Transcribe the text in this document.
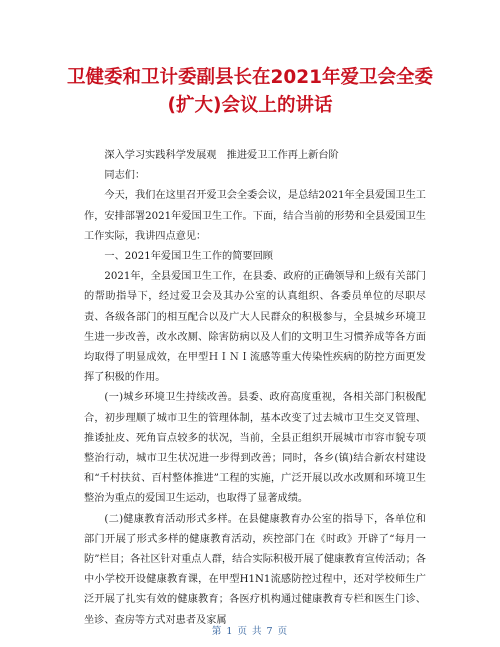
卫健委和卫计委副县长在2021年爱卫会全委(扩大)会议上的讲话

深入学习实践科学发展观　推进爱卫工作再上新台阶

同志们：

今天，我们在这里召开爱卫会全委会议，是总结2021年全县爱国卫生工作，安排部署2021年爱国卫生工作。下面，结合当前的形势和全县爱国卫生工作实际，我讲四点意见：

一、2021年爱国卫生工作的简要回顾

2021年，全县爱国卫生工作，在县委、政府的正确领导和上级有关部门的帮助指导下，经过爱卫会及其办公室的认真组织、各委员单位的尽职尽责、各级各部门的相互配合以及广大人民群众的积极参与，全县城乡环境卫生进一步改善，改水改厕、除害防病以及人们的文明卫生习惯养成等各方面均取得了明显成效，在甲型ＨＩＮＩ流感等重大传染性疾病的防控方面更发挥了积极的作用。

(一)城乡环境卫生持续改善。县委、政府高度重视，各相关部门积极配合，初步理顺了城市卫生的管理体制，基本改变了过去城市卫生交叉管理、推诿扯皮、死角盲点较多的状况，当前，全县正组织开展城市市容市貌专项整治行动，城市卫生状况进一步得到改善；同时，各乡(镇)结合新农村建设和“千村扶贫、百村整体推进”工程的实施，广泛开展以改水改厕和环境卫生整治为重点的爱国卫生运动，也取得了显著成绩。

(二)健康教育活动形式多样。在县健康教育办公室的指导下，各单位和部门开展了形式多样的健康教育活动，疾控部门在《时政》开辟了“每月一防”栏目；各社区针对重点人群，结合实际积极开展了健康教育宣传活动；各中小学校开设健康教育课，在甲型H1N1流感防控过程中，还对学校师生广泛开展了扎实有效的健康教育；各医疗机构通过健康教育专栏和医生门诊、坐诊、查房等方式对患者及家属

第 1 页 共 7 页
